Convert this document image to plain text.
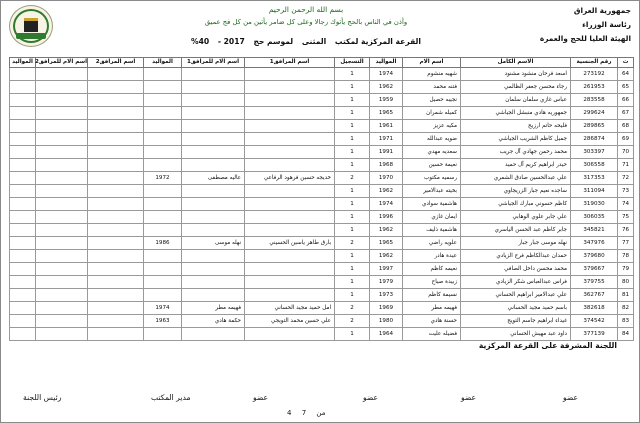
بسم الله الرحمن الرحيم
وأذن في الناس بالحج يأتوك رجالا وعلى كل ضامر يأتين من كل فج عميق
القرعة المركزية لمكتب المثنى لموسم حج 2017 - 40%
جمهورية العراق
رئاسة الوزراء
الهيئة العليا للحج والعمرة
ت	رقم الجنسية	الاسم الكامل	اسم الام	المواليد	التسجيل	اسم المرافق1	اسم الام للمرافق1	المواليد	اسم المرافق2	اسم الام للمرافق2	المواليد
64	273192	اسعد فرحان منشود مشنود	شهيه منشوم	1974	1						
65	261953	رجاء محسن جعفر الظالمي	فتنه محمد	1962	1						
66	283558	عباس غازي سلمان سلمان	نجيبه حصيل	1959	1						
67	299624	جمهوريه هادي منبشل الجياشي	كميله شمران	1965	1						
68	289865	فليحه حاتم ارزيج	مكيه عزيز	1961	1						
69	286874	جميل كاظم الشريب الجياشي	ضويه عبدالله	1971	1						
70	303397	محمد رحمن جهادي آل جريب	سعديه مهدي	1991	1						
71	306558	حيدر ابراهيم كريم آل حميد	نعيمة حسين	1968	1						
72	317353	علي عبدالحسين صادق الشمري	رسميه مكتوب	1970	2	خديجه حسين فرهود الرفاعي	عاليه مصطفى	1972			
73	311094	ساجده نعيم جبار الزريجاوي	بخيته عبدالامير	1962	1						
74	319030	كاظم حسوني مبارك الجياشي	هاشمية سوادي	1974	1						
75	306035	علي جابر علوي الوهابي	ايمان غازي	1996	1						
76	345821	جابر كاظم عبد الحسن الياسري	هاشمية ذليف	1962	1						
77	347976	نهله موسى جبار جبار	علويه راضي	1965	2	بارق طاهر ياسين الحسيني	نهله موسى	1986			
78	379680	حمدان عبدالكاظم فرج الزيادي	عيدة هادر	1962	1						
79	379667	محمد محسن داخل الصافي	نعيمه كاظم	1997	1						
80	379755	فراس عبدالعباس شكر الزيادي	زبيدة صياح	1979	1						
81	362767	علي عبدالامير ابراهيم الحساني	نسيمة كاظم	1973	1						
82	382618	باسم حميد مجيد الحساني	فهيمه مطر	1969	2	امل حميد مجيد الحساني	فهيمه مطر	1974			
83	374542	غيداء ابراهيم جاسم التويج	حسنة هادي	1980	2	علي حسين محمد التويجي	حكمة هادي	1963			
84	377139	داود عبد مهيش الحساني	فضيله عليت	1964	1						
اللجنة المشرفة على القرعة المركزية
رئيس اللجنة	مدير المكتب	عضو	عضو	عضو	عضو
4	من 7
